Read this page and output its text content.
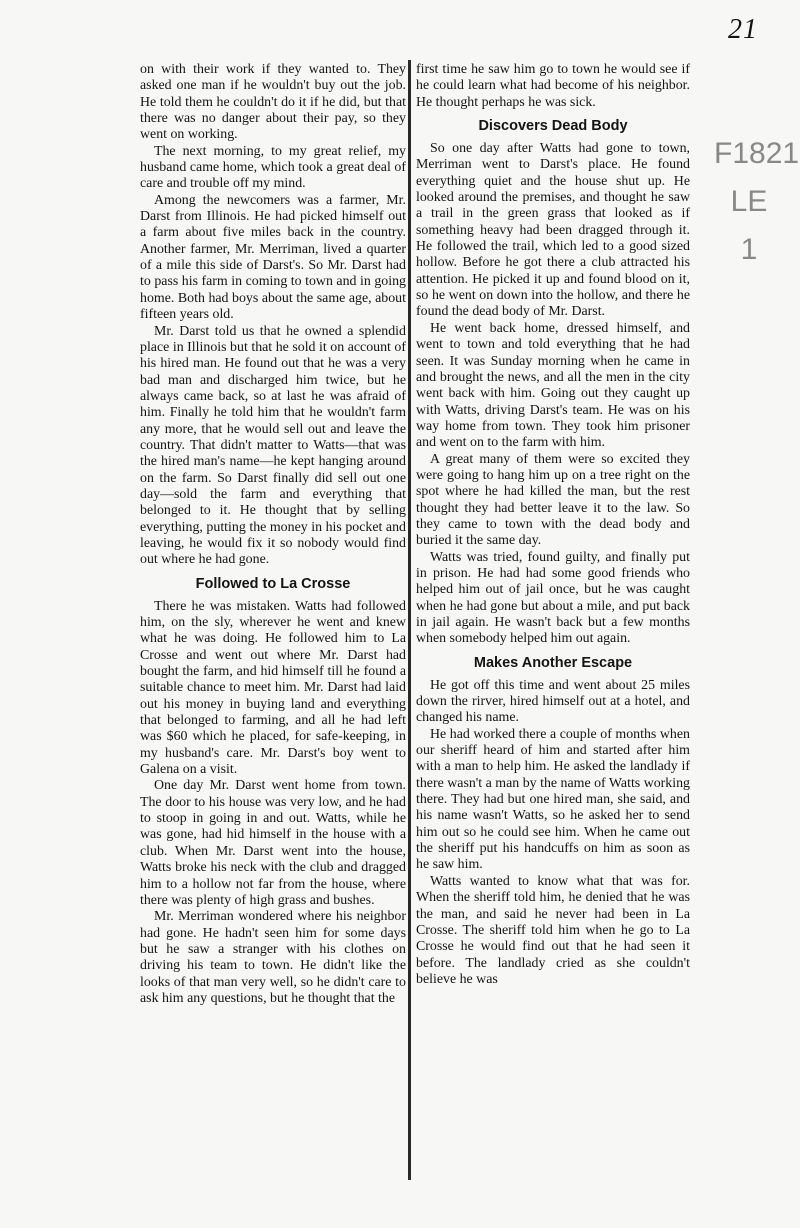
21
F1821
LE
1

on with their work if they wanted to. They asked one man if he wouldn't buy out the job. He told them he couldn't do it if he did, but that there was no danger about their pay, so they went on working.

The next morning, to my great relief, my husband came home, which took a great deal of care and trouble off my mind.

Among the newcomers was a farmer, Mr. Darst from Illinois. He had picked himself out a farm about five miles back in the country. Another farmer, Mr. Merriman, lived a quarter of a mile this side of Darst's. So Mr. Darst had to pass his farm in coming to town and in going home. Both had boys about the same age, about fifteen years old.

Mr. Darst told us that he owned a splendid place in Illinois but that he sold it on account of his hired man. He found out that he was a very bad man and discharged him twice, but he always came back, so at last he was afraid of him. Finally he told him that he wouldn't farm any more, that he would sell out and leave the country. That didn't matter to Watts—that was the hired man's name—he kept hanging around on the farm. So Darst finally did sell out one day—sold the farm and everything that belonged to it. He thought that by selling everything, putting the money in his pocket and leaving, he would fix it so nobody would find out where he had gone.

Followed to La Crosse

There he was mistaken. Watts had followed him, on the sly, wherever he went and knew what he was doing. He followed him to La Crosse and went out where Mr. Darst had bought the farm, and hid himself till he found a suitable chance to meet him. Mr. Darst had laid out his money in buying land and everything that belonged to farming, and all he had left was $60 which he placed, for safe-keeping, in my husband's care. Mr. Darst's boy went to Galena on a visit.

One day Mr. Darst went home from town. The door to his house was very low, and he had to stoop in going in and out. Watts, while he was gone, had hid himself in the house with a club. When Mr. Darst went into the house, Watts broke his neck with the club and dragged him to a hollow not far from the house, where there was plenty of high grass and bushes.

Mr. Merriman wondered where his neighbor had gone. He hadn't seen him for some days but he saw a stranger with his clothes on driving his team to town. He didn't like the looks of that man very well, so he didn't care to ask him any questions, but he thought that the

first time he saw him go to town he would see if he could learn what had become of his neighbor. He thought perhaps he was sick.

Discovers Dead Body

So one day after Watts had gone to town, Merriman went to Darst's place. He found everything quiet and the house shut up. He looked around the premises, and thought he saw a trail in the green grass that looked as if something heavy had been dragged through it. He followed the trail, which led to a good sized hollow. Before he got there a club attracted his attention. He picked it up and found blood on it, so he went on down into the hollow, and there he found the dead body of Mr. Darst.

He went back home, dressed himself, and went to town and told everything that he had seen. It was Sunday morning when he came in and brought the news, and all the men in the city went back with him. Going out they caught up with Watts, driving Darst's team. He was on his way home from town. They took him prisoner and went on to the farm with him.

A great many of them were so excited they were going to hang him up on a tree right on the spot where he had killed the man, but the rest thought they had better leave it to the law. So they came to town with the dead body and buried it the same day.

Watts was tried, found guilty, and finally put in prison. He had had some good friends who helped him out of jail once, but he was caught when he had gone but about a mile, and put back in jail again. He wasn't back but a few months when somebody helped him out again.

Makes Another Escape

He got off this time and went about 25 miles down the rirver, hired himself out at a hotel, and changed his name.

He had worked there a couple of months when our sheriff heard of him and started after him with a man to help him. He asked the landlady if there wasn't a man by the name of Watts working there. They had but one hired man, she said, and his name wasn't Watts, so he asked her to send him out so he could see him. When he came out the sheriff put his handcuffs on him as soon as he saw him.

Watts wanted to know what that was for. When the sheriff told him, he denied that he was the man, and said he never had been in La Crosse. The sheriff told him when he go to La Crosse he would find out that he had seen it before. The landlady cried as she couldn't believe he was
